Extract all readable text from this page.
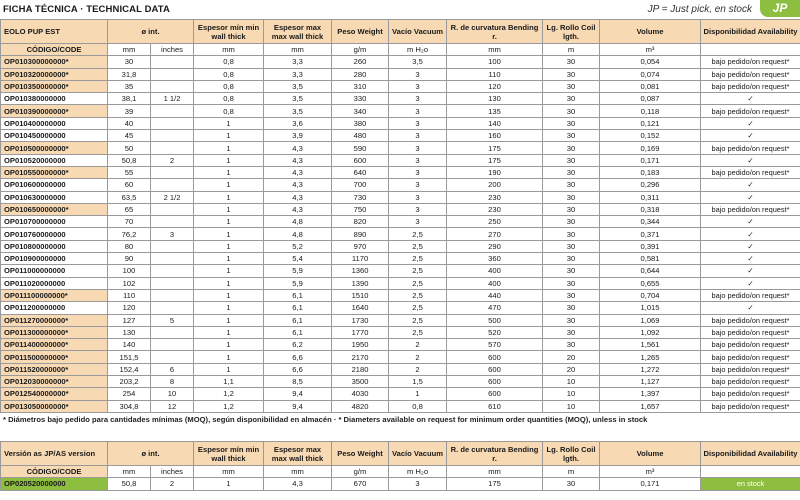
FICHA TÉCNICA · TECHNICAL DATA	JP = Just pick, en stock	JP
EOLO PUP EST	ø int.		Espesor mín min wall thick	Espesor max max wall thick	Peso Weight	Vacío Vacuum	R. de curvatura Bending r.	Lg. Rollo Coil lgth.	Volume	Disponibilidad Availability
CÓDIGO/CODE	mm	inches	mm	mm	g/m	m H₂o	mm	m	m³	
OP010300000000*	30		0,8	3,3	260	3,5	100	30	0,054	bajo pedido/on request*
OP010320000000*	31,8		0,8	3,3	280	3	110	30	0,074	bajo pedido/on request*
OP010350000000*	35		0,8	3,5	310	3	120	30	0,081	bajo pedido/on request*
OP010380000000	38,1	1 1/2	0,8	3,5	330	3	130	30	0,087	✓
OP010390000000*	39		0,8	3,5	340	3	135	30	0,118	bajo pedido/on request*
OP010400000000	40		1	3,6	380	3	140	30	0,121	✓
OP010450000000	45		1	3,9	480	3	160	30	0,152	✓
OP010500000000*	50		1	4,3	590	3	175	30	0,169	bajo pedido/on request*
OP010520000000	50,8	2	1	4,3	600	3	175	30	0,171	✓
OP010550000000*	55		1	4,3	640	3	190	30	0,183	bajo pedido/on request*
OP010600000000	60		1	4,3	700	3	200	30	0,296	✓
OP010630000000	63,5	2 1/2	1	4,3	730	3	230	30	0,311	✓
OP010650000000*	65		1	4,3	750	3	230	30	0,318	bajo pedido/on request*
OP010700000000	70		1	4,8	820	3	250	30	0,344	✓
OP010760000000	76,2	3	1	4,8	890	2,5	270	30	0,371	✓
OP010800000000	80		1	5,2	970	2,5	290	30	0,391	✓
OP010900000000	90		1	5,4	1170	2,5	360	30	0,581	✓
OP011000000000	100		1	5,9	1360	2,5	400	30	0,644	✓
OP011020000000	102		1	5,9	1390	2,5	400	30	0,655	✓
OP011100000000*	110		1	6,1	1510	2,5	440	30	0,704	bajo pedido/on request*
OP011200000000	120		1	6,1	1640	2,5	470	30	1,015	✓
OP011270000000*	127	5	1	6,1	1730	2,5	500	30	1,069	bajo pedido/on request*
OP011300000000*	130		1	6,1	1770	2,5	520	30	1,092	bajo pedido/on request*
OP011400000000*	140		1	6,2	1950	2	570	30	1,561	bajo pedido/on request*
OP011500000000*	151,5		1	6,6	2170	2	600	20	1,265	bajo pedido/on request*
OP011520000000*	152,4	6	1	6,6	2180	2	600	20	1,272	bajo pedido/on request*
OP012030000000*	203,2	8	1,1	8,5	3500	1,5	600	10	1,127	bajo pedido/on request*
OP012540000000*	254	10	1,2	9,4	4030	1	600	10	1,397	bajo pedido/on request*
OP013050000000*	304,8	12	1,2	9,4	4820	0,8	610	10	1,657	bajo pedido/on request*
* Diámetros bajo pedido para cantidades mínimas (MOQ), según disponibilidad en almacén · * Diameters available on request for minimum order quantities (MOQ), unless in stock
Versión as JP/AS version	ø int.		Espesor mín min wall thick	Espesor max max wall thick	Peso Weight	Vacío Vacuum	R. de curvatura Bending r.	Lg. Rollo Coil lgth.	Volume	Disponibilidad Availability
CÓDIGO/CODE	mm	inches	mm	mm	g/m	m H₂o	mm	m	m³	
OP020520000000	50,8	2	1	4,3	670	3	175	30	0,171	en stock
